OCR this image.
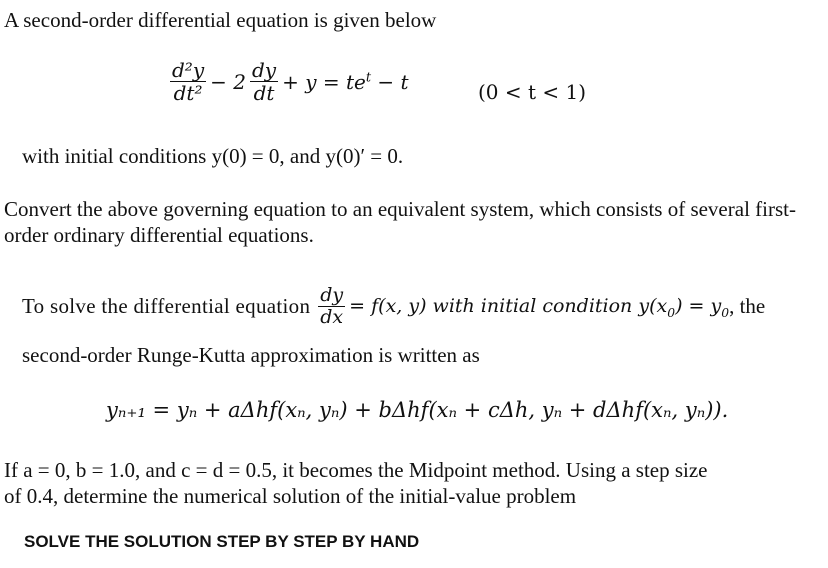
A second-order differential equation is given below
$\frac{\text{d²y}}{\text{dt²}} - 2 \frac{dy}{dt} + y = te^t - t$	(0 < t < 1)
with initial conditions y(0) = 0, and y(0)′ = 0.
Convert the above governing equation to an equivalent system, which consists of several first-order ordinary differential equations.
To solve the differential equation $\frac{dy}{dx} = f(x$, y) with initial condition $y(x_0) = y_0$ , the
second-order Runge-Kutta approximation is written as
yₙ₊₁ = yₙ + aΔhf(xₙ, yₙ) + bΔhf(xₙ + cΔh, yₙ + dΔhf(xₙ, yₙ)).
If a = 0, b = 1.0, and c = d = 0.5, it becomes the Midpoint method. Using a step size
of 0.4, determine the numerical solution of the initial-value problem
SOLVE THE SOLUTION STEP BY STEP BY HAND
